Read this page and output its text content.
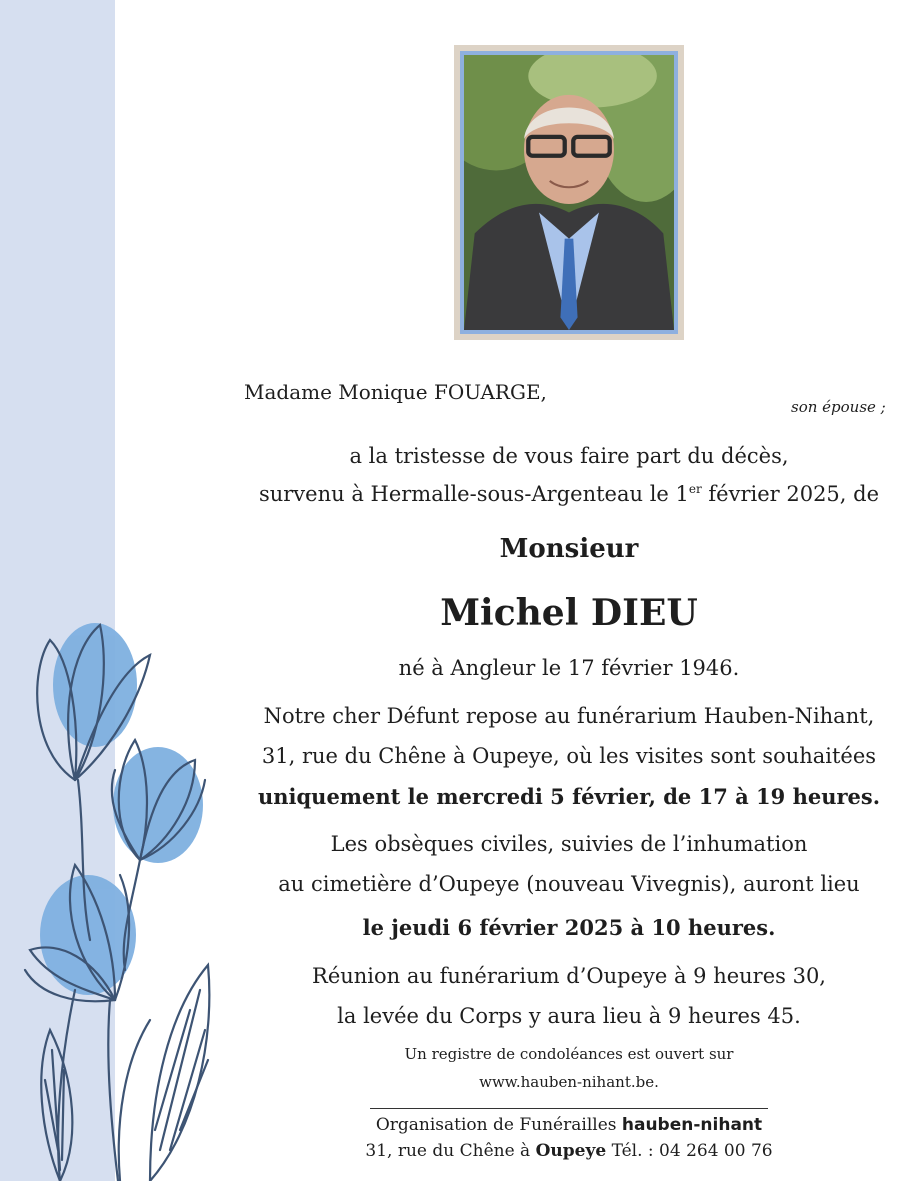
Madame Monique FOUARGE,
son épouse ;
a la tristesse de vous faire part du décès,
survenu à Hermalle-sous-Argenteau le 1er février 2025, de
Monsieur
Michel DIEU
né à Angleur le 17 février 1946.
Notre cher Défunt repose au funérarium Hauben-Nihant,
31, rue du Chêne à Oupeye, où les visites sont souhaitées
uniquement le mercredi 5 février, de 17 à 19 heures.
Les obsèques civiles, suivies de l’inhumation
au cimetière d’Oupeye (nouveau Vivegnis), auront lieu
le jeudi 6 février 2025 à 10 heures.
Réunion au funérarium d’Oupeye à 9 heures 30,
la levée du Corps y aura lieu à 9 heures 45.
Un registre de condoléances est ouvert sur
www.hauben-nihant.be.
Organisation de Funérailles hauben-nihant
31, rue du Chêne à Oupeye Tél. : 04 264 00 76
